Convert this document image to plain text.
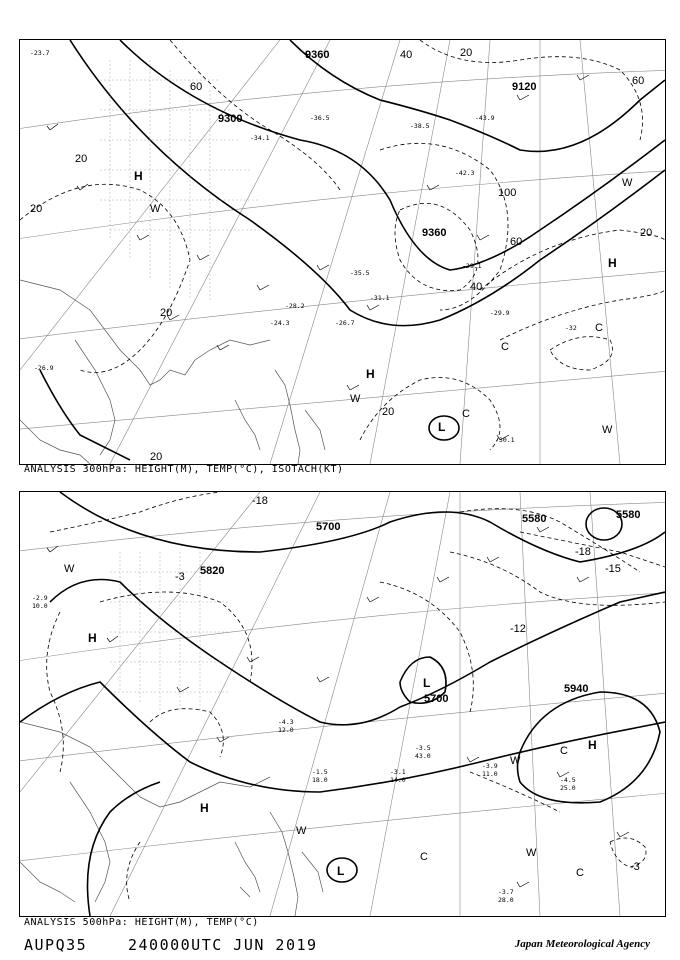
9360
9120
9300
9360
20
20
20
20
20
20
20
40
40
60
60
60
100
-31.1
-29.9
-26.7
-35.5
-30.1
-32
-29.1
-24.3
-28.2
-34.1
-36.5
-38.5
-42.3
-43.9
-23.7
-26.9
H
H
H
L
C
C
C
W
W
W
W
ANALYSIS 300hPa: HEIGHT(M), TEMP(°C), ISOTACH(KT)
5580	5580
5700
5700
5820
5940
-18
-18
-15
-12
-3
-3
-3.9
11.0
-4.5
25.0
-3.7
28.0
-3.1
14.0
-3.5
43.0
-1.5
18.0
-2.9
10.0
-4.3
12.0
H
H
H
L
L
C
C
C
W
W
W
W
ANALYSIS 500hPa: HEIGHT(M), TEMP(°C)
AUPQ35	240000UTC JUN 2019	Japan Meteorological Agency
